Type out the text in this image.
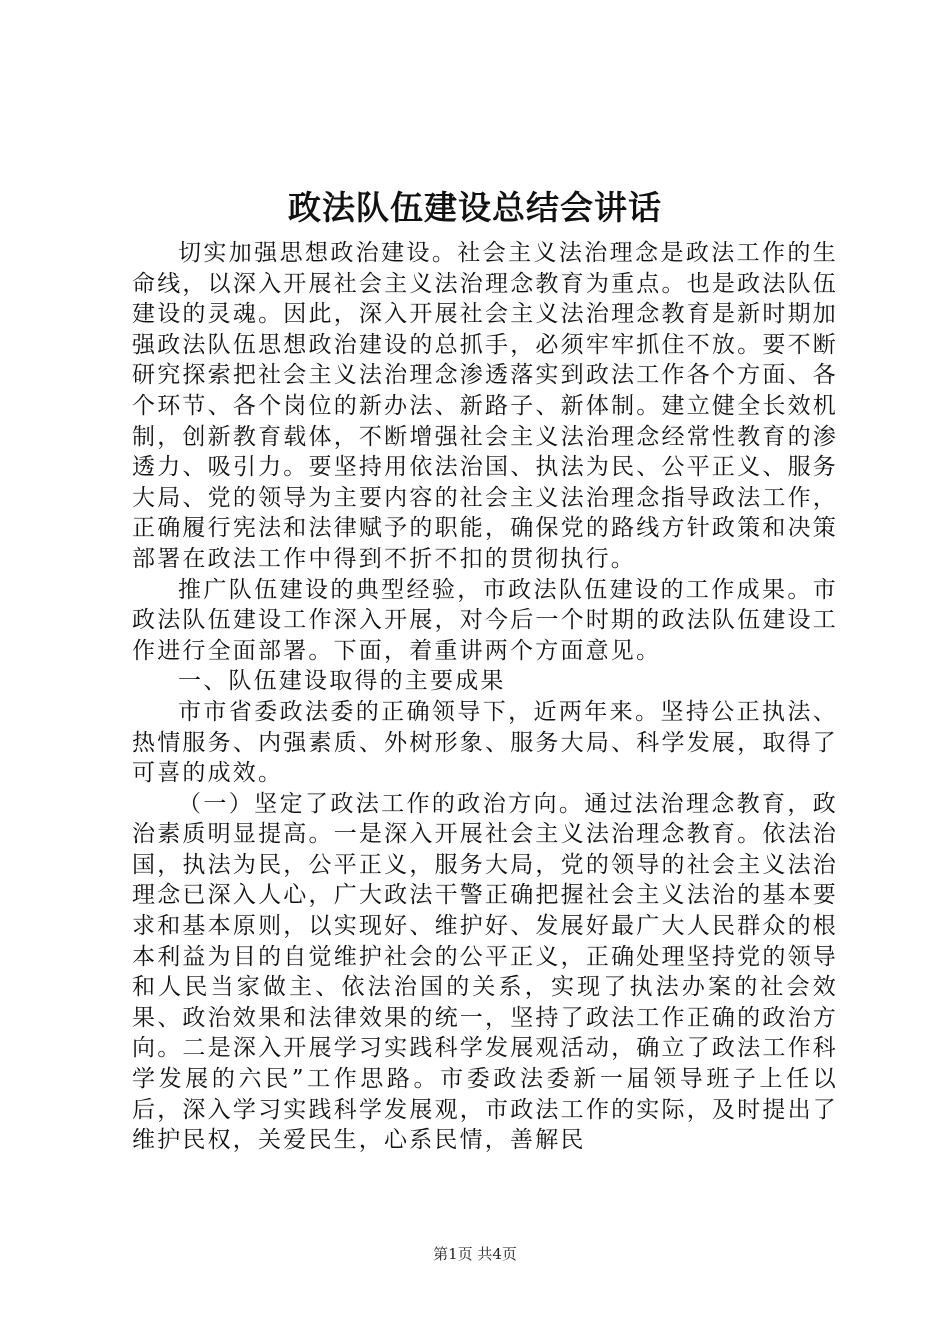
政法队伍建设总结会讲话

切实加强思想政治建设。社会主义法治理念是政法工作的生命线，以深入开展社会主义法治理念教育为重点。也是政法队伍建设的灵魂。因此，深入开展社会主义法治理念教育是新时期加强政法队伍思想政治建设的总抓手，必须牢牢抓住不放。要不断研究探索把社会主义法治理念渗透落实到政法工作各个方面、各个环节、各个岗位的新办法、新路子、新体制。建立健全长效机制，创新教育载体，不断增强社会主义法治理念经常性教育的渗透力、吸引力。要坚持用依法治国、执法为民、公平正义、服务大局、党的领导为主要内容的社会主义法治理念指导政法工作，正确履行宪法和法律赋予的职能，确保党的路线方针政策和决策部署在政法工作中得到不折不扣的贯彻执行。

推广队伍建设的典型经验，市政法队伍建设的工作成果。市政法队伍建设工作深入开展，对今后一个时期的政法队伍建设工作进行全面部署。下面，着重讲两个方面意见。

一、队伍建设取得的主要成果

市市省委政法委的正确领导下，近两年来。坚持公正执法、热情服务、内强素质、外树形象、服务大局、科学发展，取得了可喜的成效。

（一）坚定了政法工作的政治方向。通过法治理念教育，政治素质明显提高。一是深入开展社会主义法治理念教育。依法治国，执法为民，公平正义，服务大局，党的领导的社会主义法治理念已深入人心，广大政法干警正确把握社会主义法治的基本要求和基本原则，以实现好、维护好、发展好最广大人民群众的根本利益为目的自觉维护社会的公平正义，正确处理坚持党的领导和人民当家做主、依法治国的关系，实现了执法办案的社会效果、政治效果和法律效果的统一，坚持了政法工作正确的政治方向。二是深入开展学习实践科学发展观活动，确立了政法工作科学发展的六民”工作思路。市委政法委新一届领导班子上任以后，深入学习实践科学发展观，市政法工作的实际，及时提出了维护民权，关爱民生，心系民情，善解民

第1页 共4页
